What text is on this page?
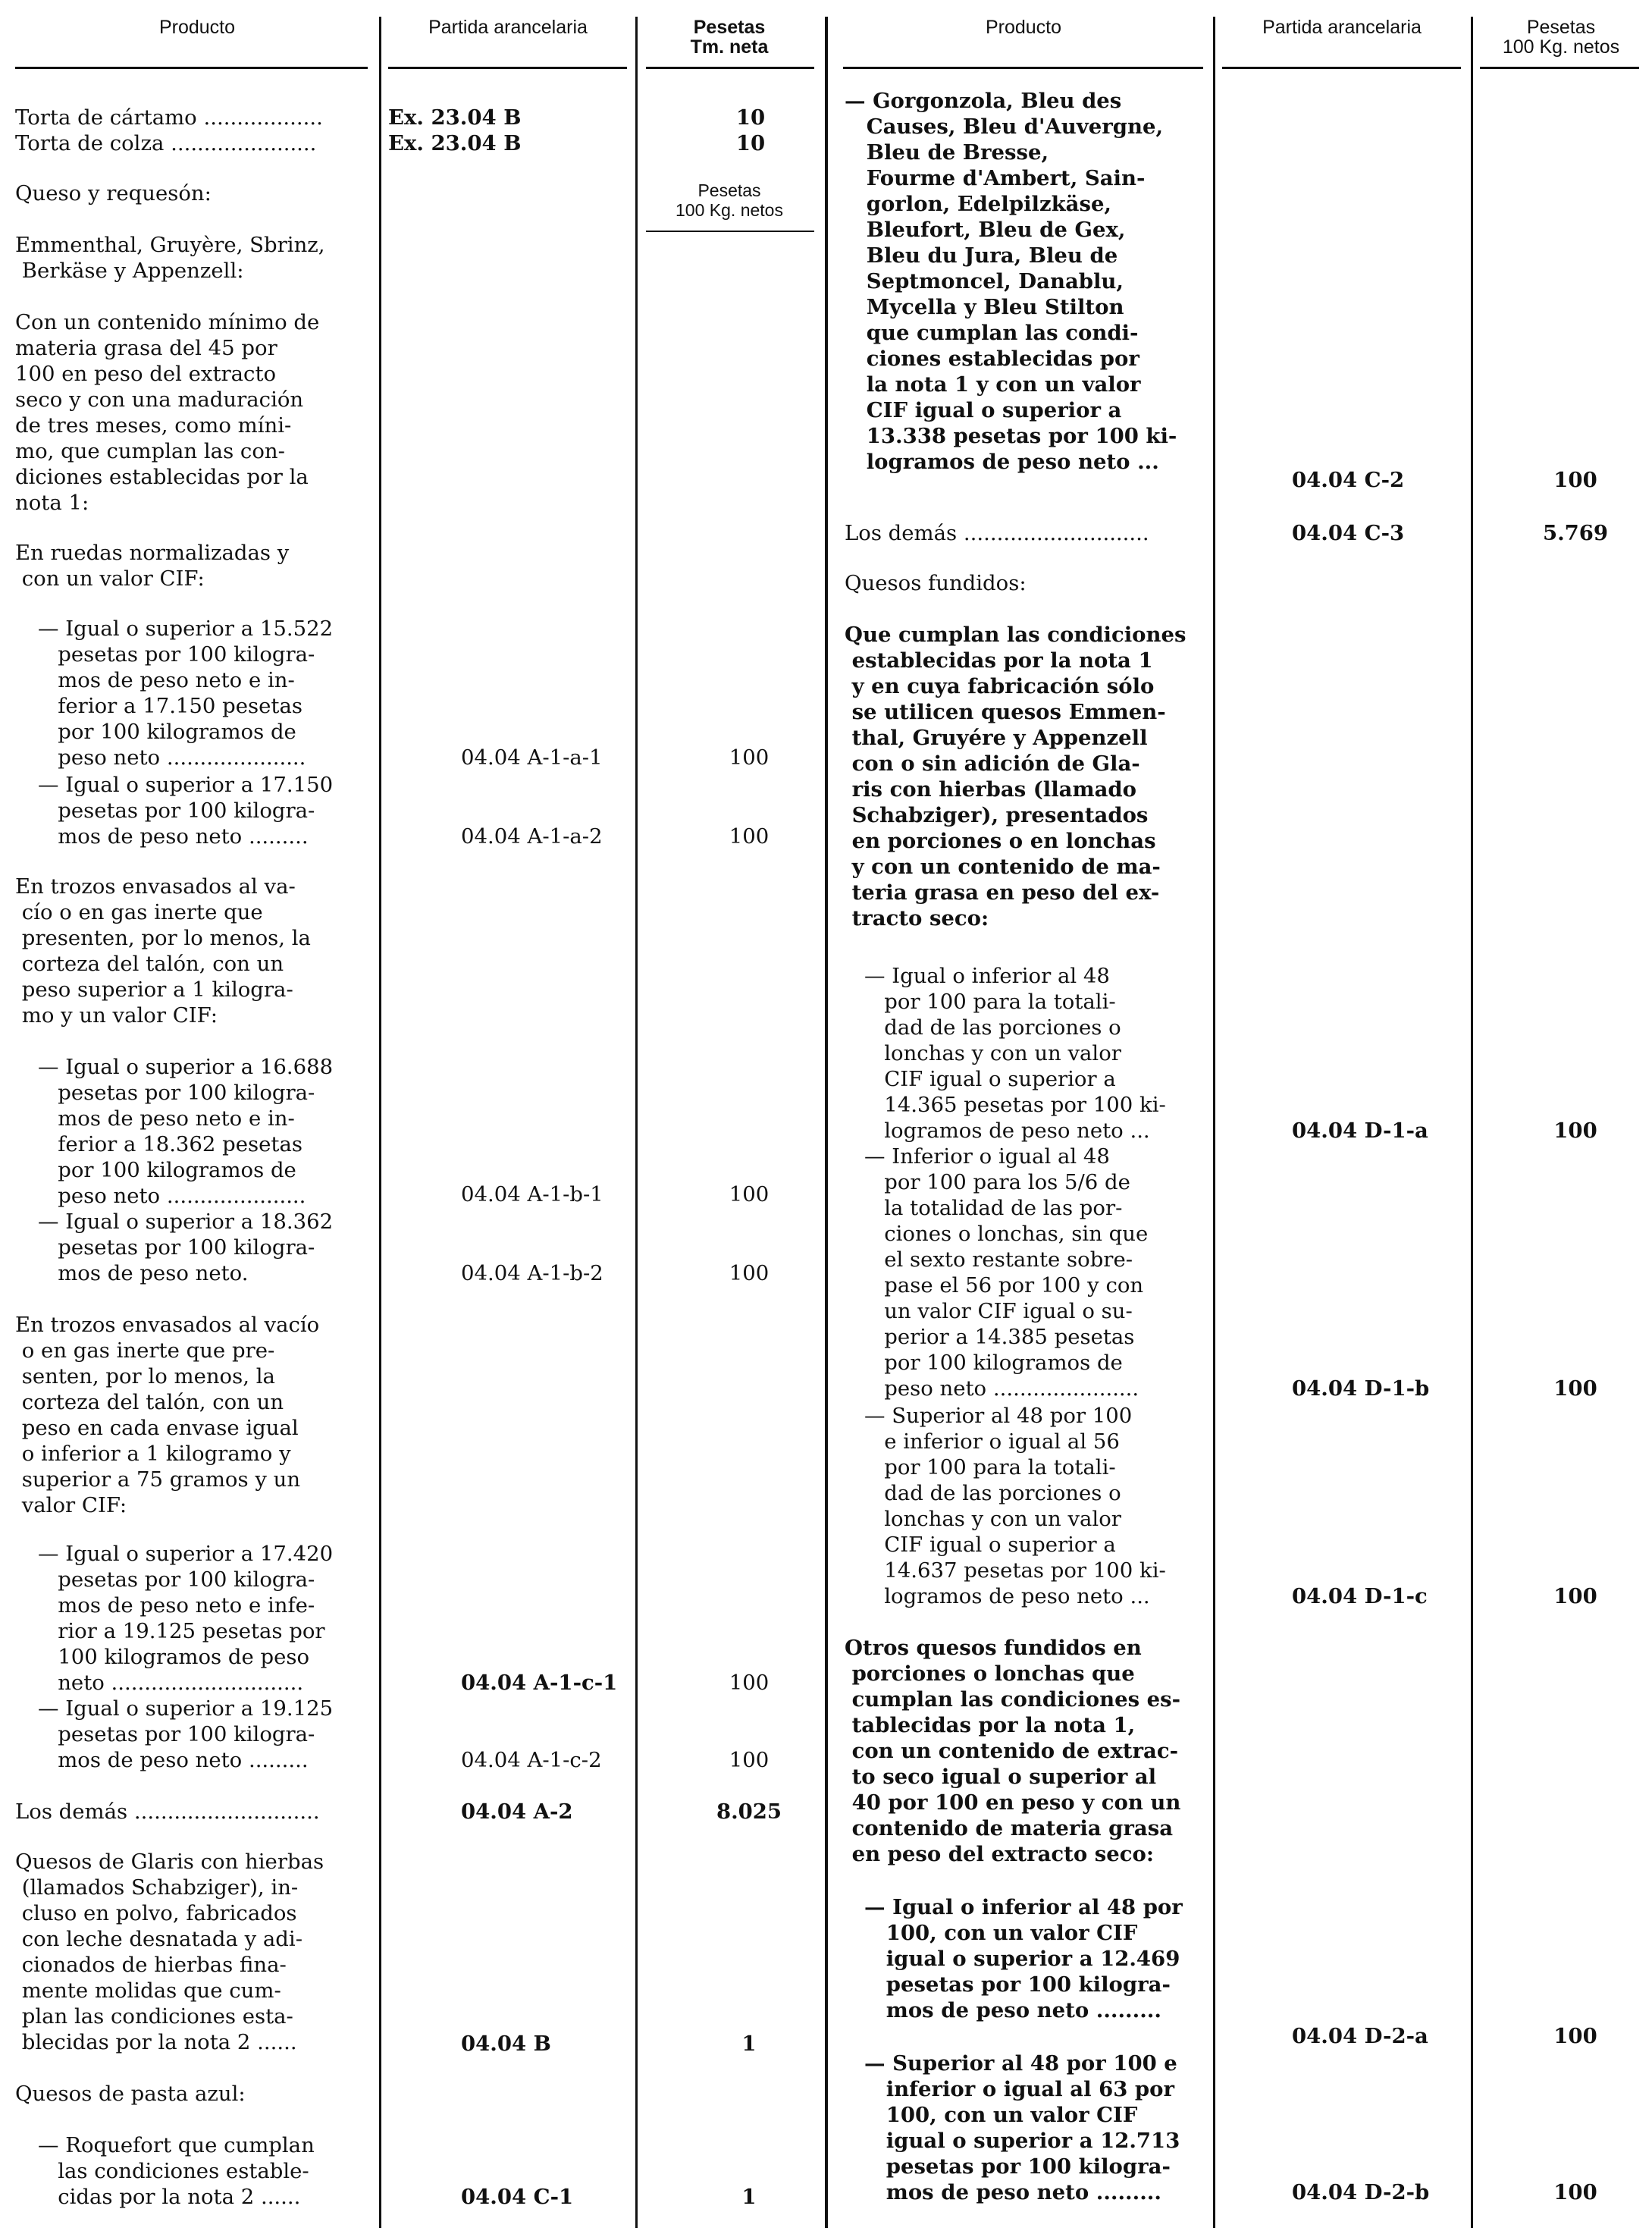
Producto	Partida arancelaria	Pesetas
Tm. neta
Producto	Partida arancelaria	Pesetas
100 Kg. netos
Pesetas
100 Kg. netos
Torta de cártamo ..................	Ex. 23.04 B	10
Torta de colza ......................	Ex. 23.04 B	10
Queso y requesón:
Emmenthal, Gruyère, Sbrinz,
Berkäse y Appenzell:
Con un contenido mínimo de
materia grasa del 45 por
100 en peso del extracto
seco y con una maduración
de tres meses, como míni-
mo, que cumplan las con-
diciones establecidas por la
nota 1:
En ruedas normalizadas y
con un valor CIF:
— Igual o superior a 15.522
pesetas por 100 kilogra-
mos de peso neto e in-
ferior a 17.150 pesetas
por 100 kilogramos de
peso neto .....................	04.04 A-1-a-1	100
— Igual o superior a 17.150
pesetas por 100 kilogra-
mos de peso neto .........	04.04 A-1-a-2	100
En trozos envasados al va-
cío o en gas inerte que
presenten, por lo menos, la
corteza del talón, con un
peso superior a 1 kilogra-
mo y un valor CIF:
— Igual o superior a 16.688
pesetas por 100 kilogra-
mos de peso neto e in-
ferior a 18.362 pesetas
por 100 kilogramos de
peso neto .....................	04.04 A-1-b-1	100
— Igual o superior a 18.362
pesetas por 100 kilogra-
mos de peso neto.	04.04 A-1-b-2	100
En trozos envasados al vacío
o en gas inerte que pre-
senten, por lo menos, la
corteza del talón, con un
peso en cada envase igual
o inferior a 1 kilogramo y
superior a 75 gramos y un
valor CIF:
— Igual o superior a 17.420
pesetas por 100 kilogra-
mos de peso neto e infe-
rior a 19.125 pesetas por
100 kilogramos de peso
neto .............................	04.04 A-1-c-1	100
— Igual o superior a 19.125
pesetas por 100 kilogra-
mos de peso neto .........	04.04 A-1-c-2	100
Los demás ............................	04.04 A-2	8.025
Quesos de Glaris con hierbas
(llamados Schabziger), in-
cluso en polvo, fabricados
con leche desnatada y adi-
cionados de hierbas fina-
mente molidas que cum-
plan las condiciones esta-
blecidas por la nota 2 ......	04.04 B	1
Quesos de pasta azul:
— Roquefort que cumplan
las condiciones estable-
cidas por la nota 2 ......	04.04 C-1	1
— Gorgonzola, Bleu des
Causes, Bleu d'Auvergne,
Bleu de Bresse,
Fourme d'Ambert, Sain-
gorlon, Edelpilzkäse,
Bleufort, Bleu de Gex,
Bleu du Jura, Bleu de
Septmoncel, Danablu,
Mycella y Bleu Stilton
que cumplan las condi-
ciones establecidas por
la nota 1 y con un valor
CIF igual o superior a
13.338 pesetas por 100 ki-
logramos de peso neto ...
04.04 C-2	100
Los demás ............................	04.04 C-3	5.769
Quesos fundidos:
Que cumplan las condiciones
establecidas por la nota 1
y en cuya fabricación sólo
se utilicen quesos Emmen-
thal, Gruyére y Appenzell
con o sin adición de Gla-
ris con hierbas (llamado
Schabziger), presentados
en porciones o en lonchas
y con un contenido de ma-
teria grasa en peso del ex-
tracto seco:
— Igual o inferior al 48
por 100 para la totali-
dad de las porciones o
lonchas y con un valor
CIF igual o superior a
14.365 pesetas por 100 ki-
logramos de peso neto ...	04.04 D-1-a	100
— Inferior o igual al 48
por 100 para los 5/6 de
la totalidad de las por-
ciones o lonchas, sin que
el sexto restante sobre-
pase el 56 por 100 y con
un valor CIF igual o su-
perior a 14.385 pesetas
por 100 kilogramos de
peso neto ......................	04.04 D-1-b	100
— Superior al 48 por 100
e inferior o igual al 56
por 100 para la totali-
dad de las porciones o
lonchas y con un valor
CIF igual o superior a
14.637 pesetas por 100 ki-
logramos de peso neto ...	04.04 D-1-c	100
Otros quesos fundidos en
porciones o lonchas que
cumplan las condiciones es-
tablecidas por la nota 1,
con un contenido de extrac-
to seco igual o superior al
40 por 100 en peso y con un
contenido de materia grasa
en peso del extracto seco:
— Igual o inferior al 48 por
100, con un valor CIF
igual o superior a 12.469
pesetas por 100 kilogra-
mos de peso neto .........
04.04 D-2-a	100
— Superior al 48 por 100 e
inferior o igual al 63 por
100, con un valor CIF
igual o superior a 12.713
pesetas por 100 kilogra-
mos de peso neto .........	04.04 D-2-b	100
